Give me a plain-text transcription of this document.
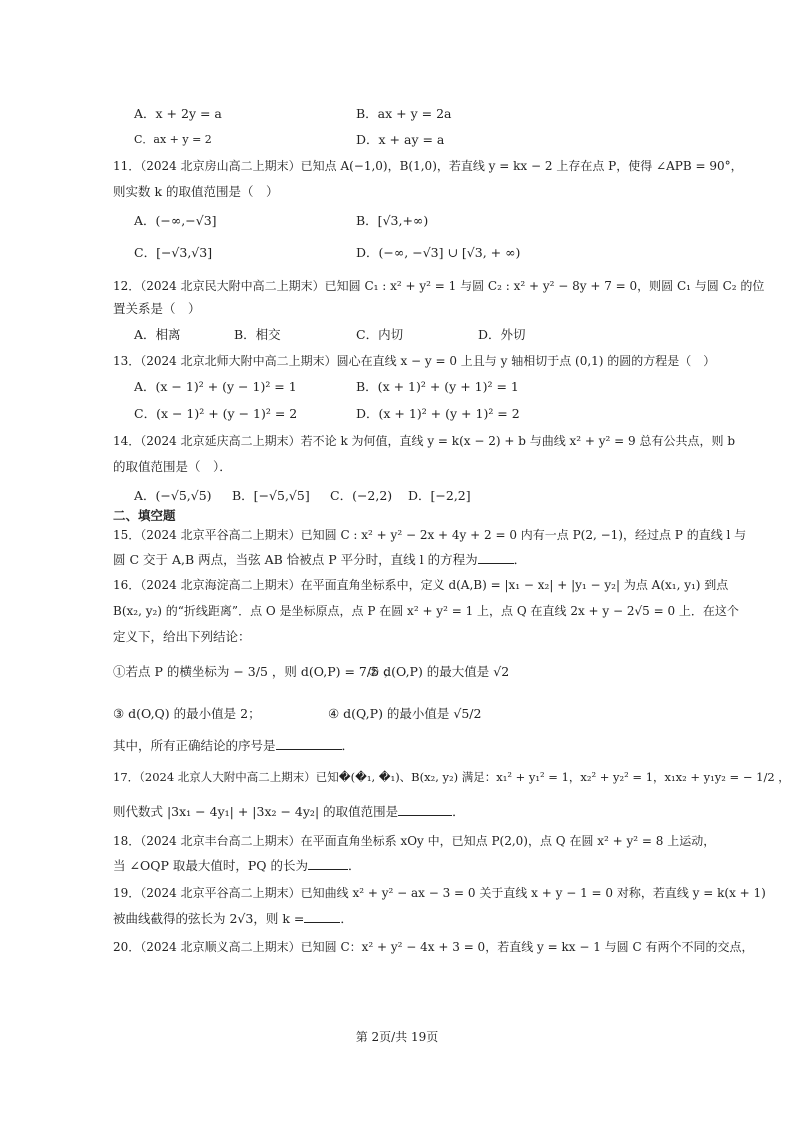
A．x + 2y = a	B．ax + y = 2a
C．ax + y = 2	D．x + ay = a
11．（2024 北京房山高二上期末）已知点 A(−1,0)，B(1,0)，若直线 y = kx − 2 上存在点 P，使得 ∠APB = 90°，
则实数 k 的取值范围是（　）
A．(−∞,−√3]	B．[√3,+∞)
C．[−√3,√3]	D．(−∞, −√3] ∪ [√3, + ∞)
12．（2024 北京民大附中高二上期末）已知圆 C₁ : x² + y² = 1 与圆 C₂ : x² + y² − 8y + 7 = 0，则圆 C₁ 与圆 C₂ 的位
置关系是（　）
A．相离	B．相交	C．内切	D．外切
13．（2024 北京北师大附中高二上期末）圆心在直线 x − y = 0 上且与 y 轴相切于点 (0,1) 的圆的方程是（　）
A．(x − 1)² + (y − 1)² = 1	B．(x + 1)² + (y + 1)² = 1
C．(x − 1)² + (y − 1)² = 2	D．(x + 1)² + (y + 1)² = 2
14．（2024 北京延庆高二上期末）若不论 k 为何值，直线 y = k(x − 2) + b 与曲线 x² + y² = 9 总有公共点，则 b
的取值范围是（　）．
A．(−√5,√5) B．[−√5,√5] C．(−2,2) D．[−2,2]
二、填空题
15．（2024 北京平谷高二上期末）已知圆 C : x² + y² − 2x + 4y + 2 = 0 内有一点 P(2, −1)，经过点 P 的直线 l 与
圆 C 交于 A,B 两点，当弦 AB 恰被点 P 平分时，直线 l 的方程为	．
16．（2024 北京海淀高二上期末）在平面直角坐标系中，定义 d(A,B) = |x₁ − x₂| + |y₁ − y₂| 为点 A(x₁, y₁) 到点
B(x₂, y₂) 的“折线距离”．点 O 是坐标原点，点 P 在圆 x² + y² = 1 上，点 Q 在直线 2x + y − 2√5 = 0 上．在这个
定义下，给出下列结论：
①若点 P 的横坐标为 − 3/5 ，则 d(O,P) = 7/5 ；
② d(O,P) 的最大值是 √2
③ d(O,Q) 的最小值是 2；	④ d(Q,P) 的最小值是 √5/2
其中，所有正确结论的序号是	．
17．（2024 北京人大附中高二上期末）已知�(�₁, �₁)、B(x₂, y₂) 满足：x₁² + y₁² = 1，x₂² + y₂² = 1，x₁x₂ + y₁y₂ = − 1/2 ，
则代数式 |3x₁ − 4y₁| + |3x₂ − 4y₂| 的取值范围是	．
18．（2024 北京丰台高二上期末）在平面直角坐标系 xOy 中，已知点 P(2,0)，点 Q 在圆 x² + y² = 8 上运动，
当 ∠OQP 取最大值时，PQ 的长为	．
19．（2024 北京平谷高二上期末）已知曲线 x² + y² − ax − 3 = 0 关于直线 x + y − 1 = 0 对称，若直线 y = k(x + 1)
被曲线截得的弦长为 2√3，则 k =	．
20．（2024 北京顺义高二上期末）已知圆 C：x² + y² − 4x + 3 = 0，若直线 y = kx − 1 与圆 C 有两个不同的交点，
第 2页/共 19页
